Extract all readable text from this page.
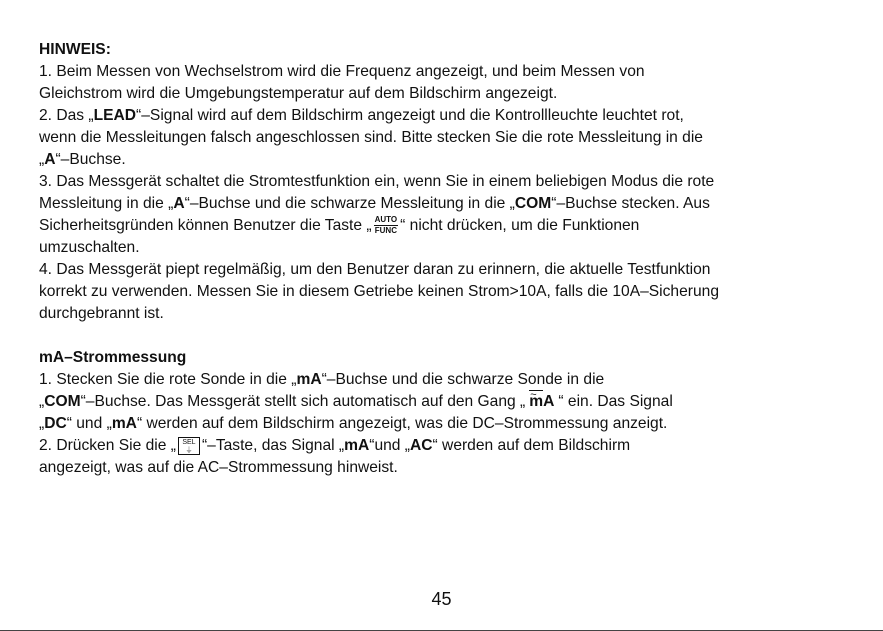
HINWEIS:

1. Beim Messen von Wechselstrom wird die Frequenz angezeigt, und beim Messen von

Gleichstrom wird die Umgebungstemperatur auf dem Bildschirm angezeigt.

2. Das „LEAD“–Signal wird auf dem Bildschirm angezeigt und die Kontrollleuchte leuchtet rot,

wenn die Messleitungen falsch angeschlossen sind. Bitte stecken Sie die rote Messleitung in die

„A“–Buchse.

3. Das Messgerät schaltet die Stromtestfunktion ein, wenn Sie in einem beliebigen Modus die rote

Messleitung in die „A“–Buchse und die schwarze Messleitung in die „COM“–Buchse stecken. Aus

Sicherheitsgründen können Benutzer die Taste „ AUTO
FUNC “ nicht drücken, um die Funktionen

umzuschalten.

4. Das Messgerät piept regelmäßig, um den Benutzer daran zu erinnern, die aktuelle Testfunktion

korrekt zu verwenden. Messen Sie in diesem Getriebe keinen Strom>10A, falls die 10A–Sicherung

durchgebrannt ist.

mA–Strommessung

1. Stecken Sie die rote Sonde in die „mA“–Buchse und die schwarze Sonde in die

„COM“–Buchse. Das Messgerät stellt sich automatisch auf den Gang „ m ~A “ ein. Das Signal

„DC“ und „mA“ werden auf dem Bildschirm angezeigt, was die DC–Strommessung anzeigt.

2. Drücken Sie die „ SEL
⏚ “–Taste, das Signal „mA“und „AC“ werden auf dem Bildschirm

angezeigt, was auf die AC–Strommessung hinweist.

45
